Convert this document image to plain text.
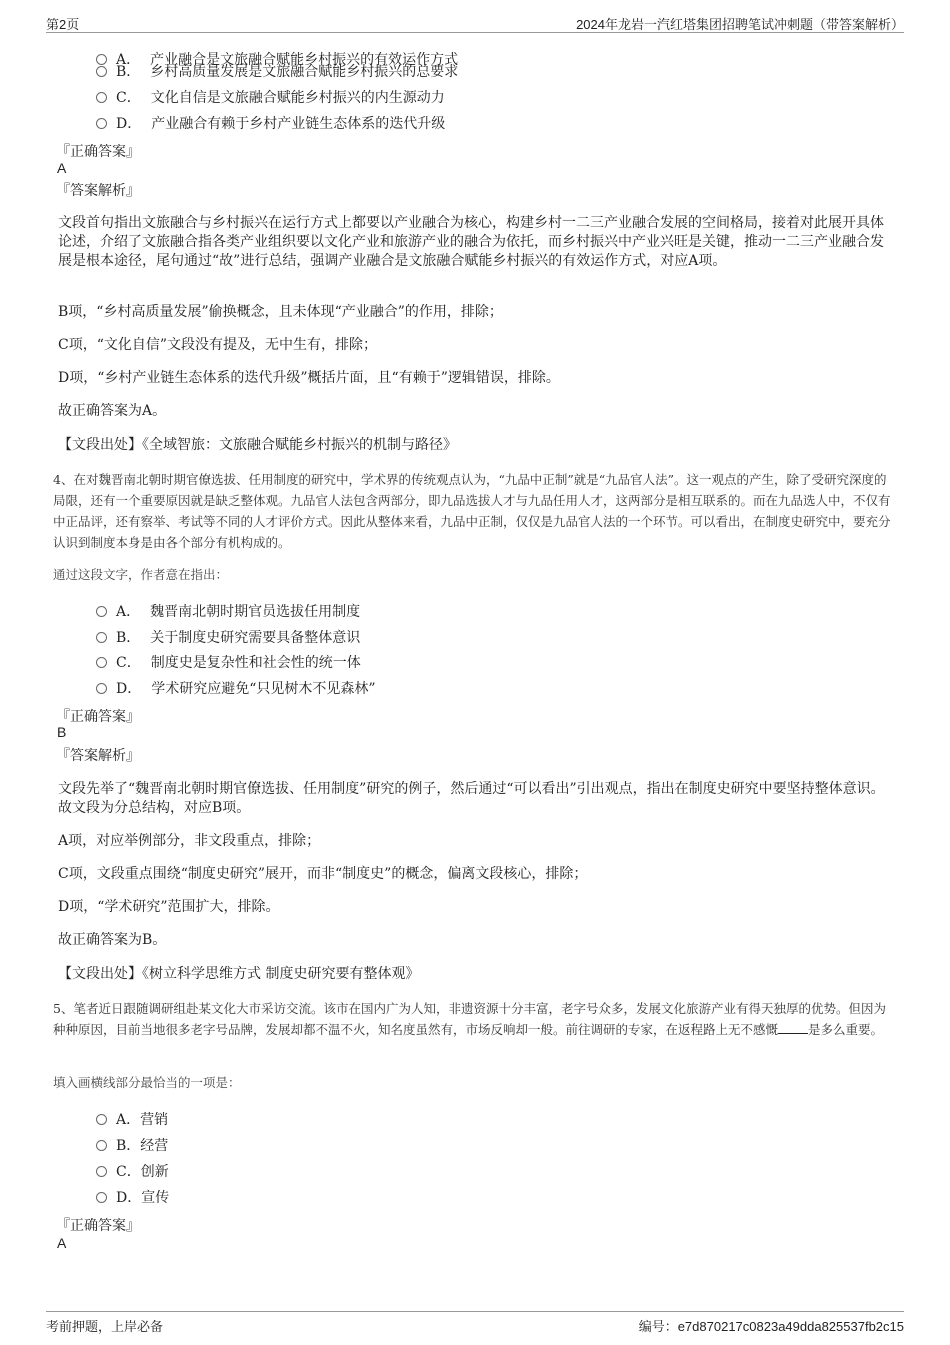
第2页	2024年龙岩一汽红塔集团招聘笔试冲刺题（带答案解析）
A． 产业融合是文旅融合赋能乡村振兴的有效运作方式
B． 乡村高质量发展是文旅融合赋能乡村振兴的总要求
C． 文化自信是文旅融合赋能乡村振兴的内生源动力
D． 产业融合有赖于乡村产业链生态体系的迭代升级
『正确答案』
A
『答案解析』
文段首句指出文旅融合与乡村振兴在运行方式上都要以产业融合为核心，构建乡村一二三产业融合发展的空间格局，接着对此展开具体论述，介绍了文旅融合指各类产业组织要以文化产业和旅游产业的融合为依托，而乡村振兴中产业兴旺是关键，推动一二三产业融合发展是根本途径，尾句通过“故”进行总结，强调产业融合是文旅融合赋能乡村振兴的有效运作方式，对应A项。
B项，“乡村高质量发展”偷换概念，且未体现“产业融合”的作用，排除；
C项，“文化自信”文段没有提及，无中生有，排除；
D项，“乡村产业链生态体系的迭代升级”概括片面，且“有赖于”逻辑错误，排除。
故正确答案为A。
【文段出处】《全域智旅：文旅融合赋能乡村振兴的机制与路径》
4、在对魏晋南北朝时期官僚选拔、任用制度的研究中，学术界的传统观点认为，“九品中正制”就是“九品官人法”。这一观点的产生，除了受研究深度的局限，还有一个重要原因就是缺乏整体观。九品官人法包含两部分，即九品选拔人才与九品任用人才，这两部分是相互联系的。而在九品选人中，不仅有中正品评，还有察举、考试等不同的人才评价方式。因此从整体来看，九品中正制，仅仅是九品官人法的一个环节。可以看出，在制度史研究中，要充分认识到制度本身是由各个部分有机构成的。
通过这段文字，作者意在指出：
A． 魏晋南北朝时期官员选拔任用制度
B． 关于制度史研究需要具备整体意识
C． 制度史是复杂性和社会性的统一体
D． 学术研究应避免“只见树木不见森林”
『正确答案』
B
『答案解析』
文段先举了“魏晋南北朝时期官僚选拔、任用制度”研究的例子，然后通过“可以看出”引出观点，指出在制度史研究中要坚持整体意识。故文段为分总结构，对应B项。
A项，对应举例部分，非文段重点，排除；
C项，文段重点围绕“制度史研究”展开，而非“制度史”的概念，偏离文段核心，排除；
D项，“学术研究”范围扩大，排除。
故正确答案为B。
【文段出处】《树立科学思维方式 制度史研究要有整体观》
5、笔者近日跟随调研组赴某文化大市采访交流。该市在国内广为人知，非遗资源十分丰富，老字号众多，发展文化旅游产业有得天独厚的优势。但因为种种原因，目前当地很多老字号品牌，发展却都不温不火，知名度虽然有，市场反响却一般。前往调研的专家，在返程路上无不感慨 是多么重要。
填入画横线部分最恰当的一项是：
A．营销
B．经营
C．创新
D．宣传
『正确答案』
A
考前押题，上岸必备	编号：e7d870217c0823a49dda825537fb2c15
